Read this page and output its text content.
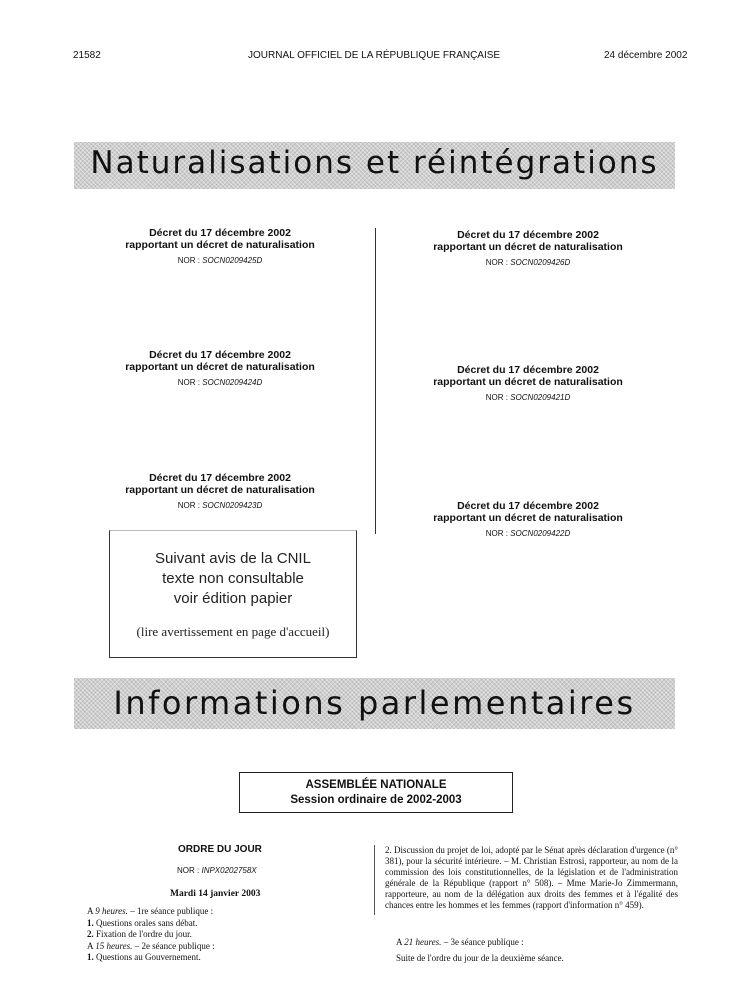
21582	JOURNAL OFFICIEL DE LA RÉPUBLIQUE FRANÇAISE	24 décembre 2002
Naturalisations et réintégrations
Décret du 17 décembre 2002
rapportant un décret de naturalisation
NOR : SOCN0209425D
Décret du 17 décembre 2002
rapportant un décret de naturalisation
NOR : SOCN0209424D
Décret du 17 décembre 2002
rapportant un décret de naturalisation
NOR : SOCN0209423D
Décret du 17 décembre 2002
rapportant un décret de naturalisation
NOR : SOCN0209426D
Décret du 17 décembre 2002
rapportant un décret de naturalisation
NOR : SOCN0209421D
Décret du 17 décembre 2002
rapportant un décret de naturalisation
NOR : SOCN0209422D
Suivant avis de la CNIL
texte non consultable
voir édition papier
(lire avertissement en page d'accueil)
Informations parlementaires
ASSEMBLÉE NATIONALE
Session ordinaire de 2002-2003
ORDRE DU JOUR
NOR : INPX0202758X
Mardi 14 janvier 2003
A 9 heures. – 1re séance publique :
1. Questions orales sans débat.
2. Fixation de l'ordre du jour.
A 15 heures. – 2e séance publique :
1. Questions au Gouvernement.
2. Discussion du projet de loi, adopté par le Sénat après déclaration d'urgence (n° 381), pour la sécurité intérieure. – M. Christian Estrosi, rapporteur, au nom de la commission des lois constitutionnelles, de la législation et de l'administration générale de la République (rapport n° 508). – Mme Marie-Jo Zimmermann, rapporteure, au nom de la délégation aux droits des femmes et à l'égalité des chances entre les hommes et les femmes (rapport d'information n° 459).
A 21 heures. – 3e séance publique :
Suite de l'ordre du jour de la deuxième séance.
